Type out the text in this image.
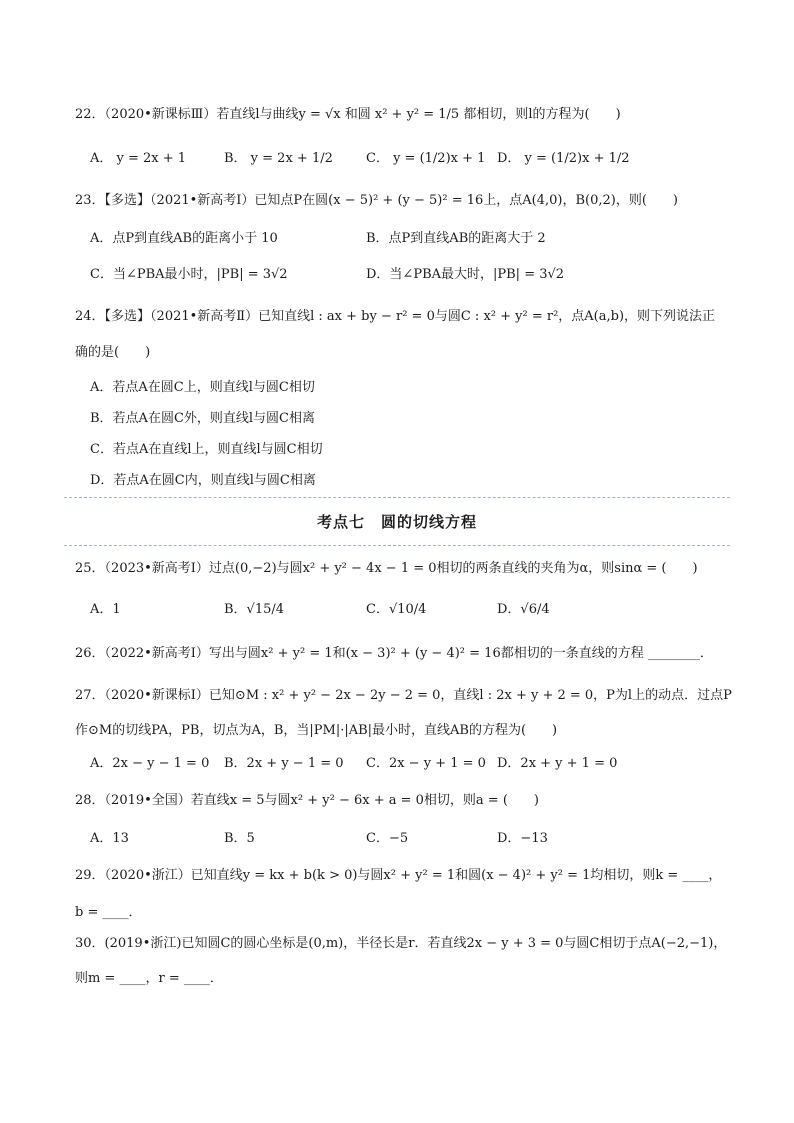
22．（2020•新课标Ⅲ）若直线l与曲线y = √x 和圆 x² + y² = 1/5 都相切，则l的方程为(　　)
A． y = 2x + 1	B． y = 2x + 1/2	C． y = (1/2)x + 1 D． y = (1/2)x + 1/2
23．【多选】（2021•新高考Ⅰ）已知点P在圆(x − 5)² + (y − 5)² = 16上，点A(4,0)，B(0,2)，则(　　)
A．点P到直线AB的距离小于 10	B．点P到直线AB的距离大于 2
C．当∠PBA最小时，|PB| = 3√2	D．当∠PBA最大时，|PB| = 3√2
24．【多选】（2021•新高考Ⅱ）已知直线l : ax + by − r² = 0与圆C : x² + y² = r²，点A(a,b)，则下列说法正
确的是(　　)
A．若点A在圆C上，则直线l与圆C相切
B．若点A在圆C外，则直线l与圆C相离
C．若点A在直线l上，则直线l与圆C相切
D．若点A在圆C内，则直线l与圆C相离
考点七　圆的切线方程
25．（2023•新高考Ⅰ）过点(0,−2)与圆x² + y² − 4x − 1 = 0相切的两条直线的夹角为α，则sinα = (　　)
A．1	B．√15/4	C．√10/4	D．√6/4
26．（2022•新高考Ⅰ）写出与圆x² + y² = 1和(x − 3)² + (y − 4)² = 16都相切的一条直线的方程 ________．
27．（2020•新课标Ⅰ）已知⊙M : x² + y² − 2x − 2y − 2 = 0，直线l : 2x + y + 2 = 0，P为l上的动点．过点P
作⊙M的切线PA，PB，切点为A，B，当|PM|·|AB|最小时，直线AB的方程为(　　)
A．2x − y − 1 = 0 B．2x + y − 1 = 0 C．2x − y + 1 = 0 D．2x + y + 1 = 0
28．（2019•全国）若直线x = 5与圆x² + y² − 6x + a = 0相切，则a = (　　)
A．13	B．5	C．−5	D．−13
29．（2020•浙江）已知直线y = kx + b(k > 0)与圆x² + y² = 1和圆(x − 4)² + y² = 1均相切，则k = ____，
b = ____．
30．(2019•浙江)已知圆C的圆心坐标是(0,m)，半径长是r．若直线2x − y + 3 = 0与圆C相切于点A(−2,−1)，
则m = ____，r = ____．
